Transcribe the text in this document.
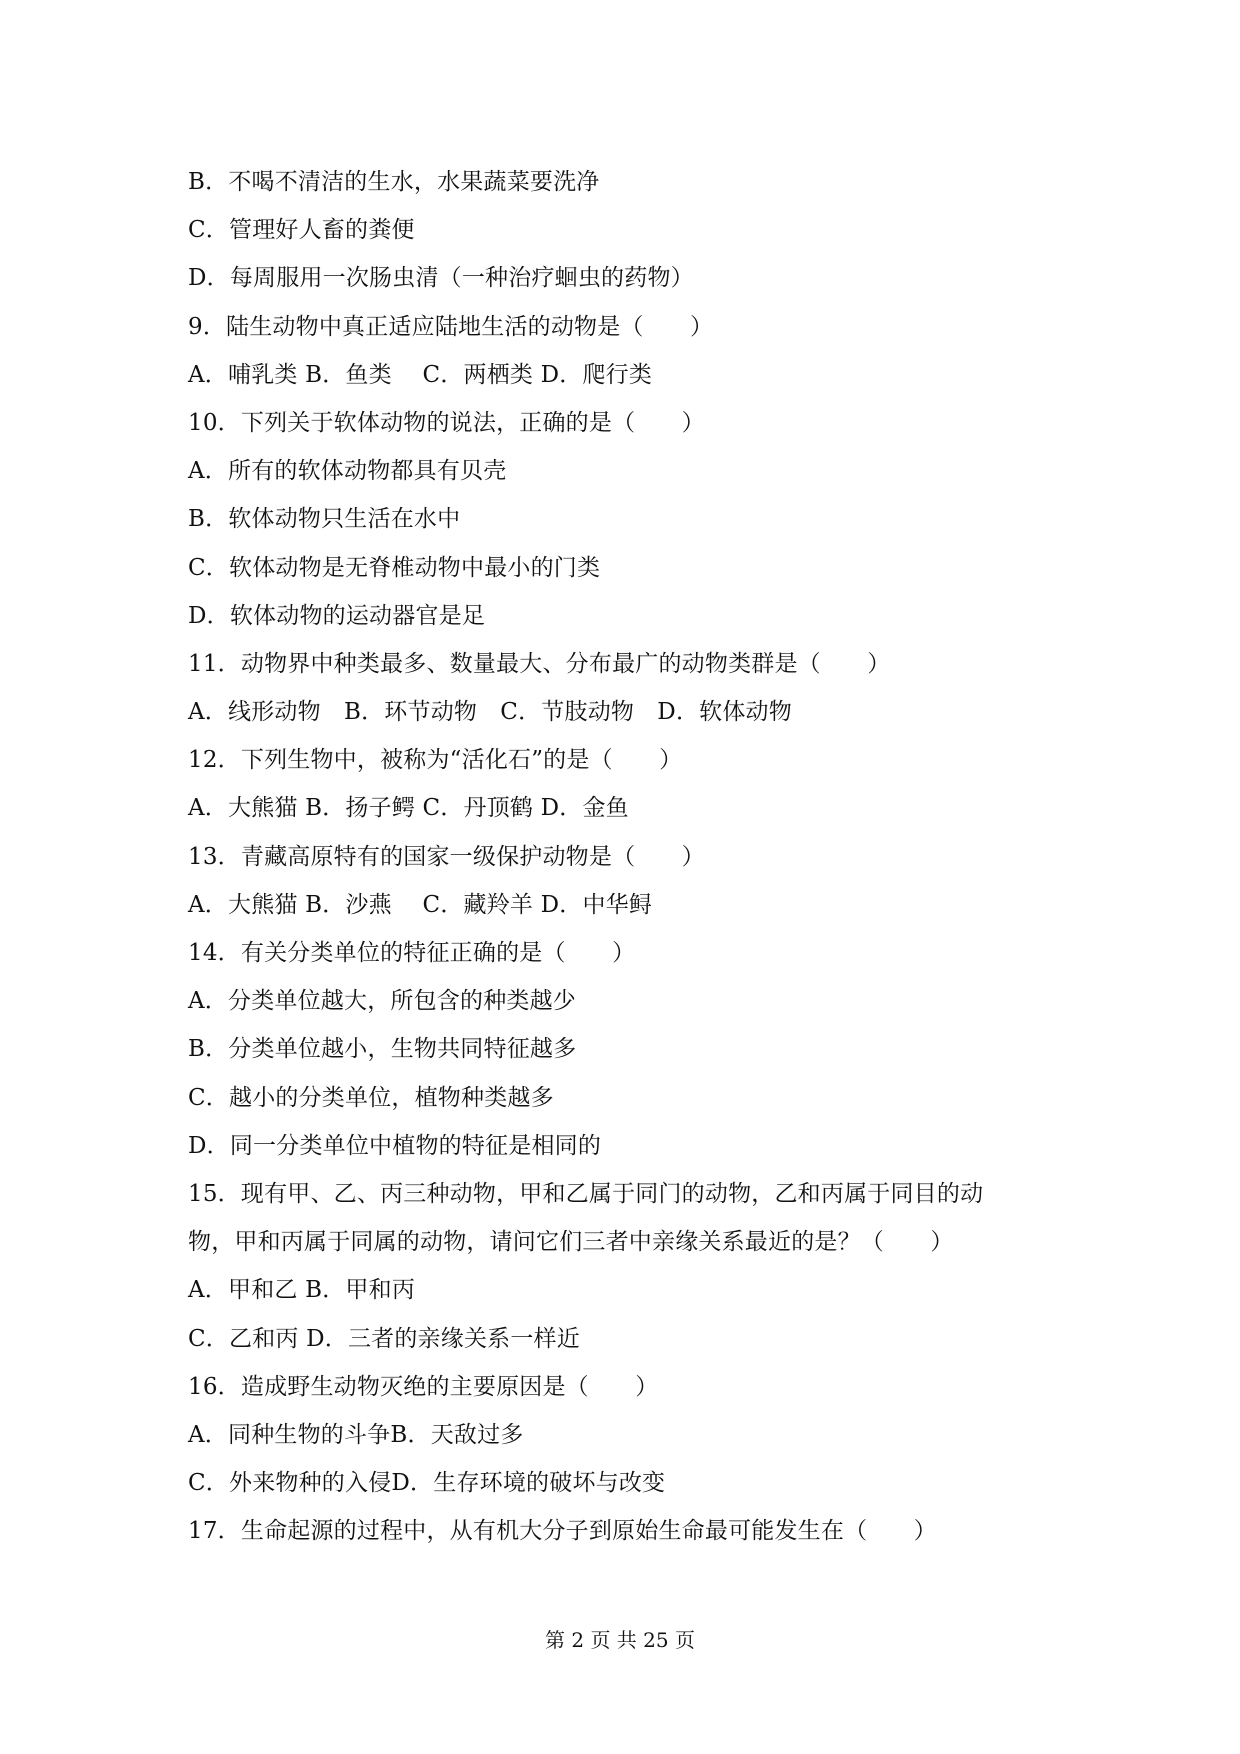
B．不喝不清洁的生水，水果蔬菜要洗净
C．管理好人畜的粪便
D．每周服用一次肠虫清（一种治疗蛔虫的药物）
9．陆生动物中真正适应陆地生活的动物是（　　）
A．哺乳类 B．鱼类　 C．两栖类 D．爬行类
10．下列关于软体动物的说法，正确的是（　　）
A．所有的软体动物都具有贝壳
B．软体动物只生活在水中
C．软体动物是无脊椎动物中最小的门类
D．软体动物的运动器官是足
11．动物界中种类最多、数量最大、分布最广的动物类群是（　　）
A．线形动物　B．环节动物　C．节肢动物　D．软体动物
12．下列生物中，被称为“活化石”的是（　　）
A．大熊猫 B．扬子鳄 C．丹顶鹤 D．金鱼
13．青藏高原特有的国家一级保护动物是（　　）
A．大熊猫 B．沙燕　 C．藏羚羊 D．中华鲟
14．有关分类单位的特征正确的是（　　）
A．分类单位越大，所包含的种类越少
B．分类单位越小，生物共同特征越多
C．越小的分类单位，植物种类越多
D．同一分类单位中植物的特征是相同的
15．现有甲、乙、丙三种动物，甲和乙属于同门的动物，乙和丙属于同目的动
物，甲和丙属于同属的动物，请问它们三者中亲缘关系最近的是？（　　）
A．甲和乙 B．甲和丙
C．乙和丙 D．三者的亲缘关系一样近
16．造成野生动物灭绝的主要原因是（　　）
A．同种生物的斗争B．天敌过多
C．外来物种的入侵D．生存环境的破坏与改变
17．生命起源的过程中，从有机大分子到原始生命最可能发生在（　　）
第 2 页 共 25 页
